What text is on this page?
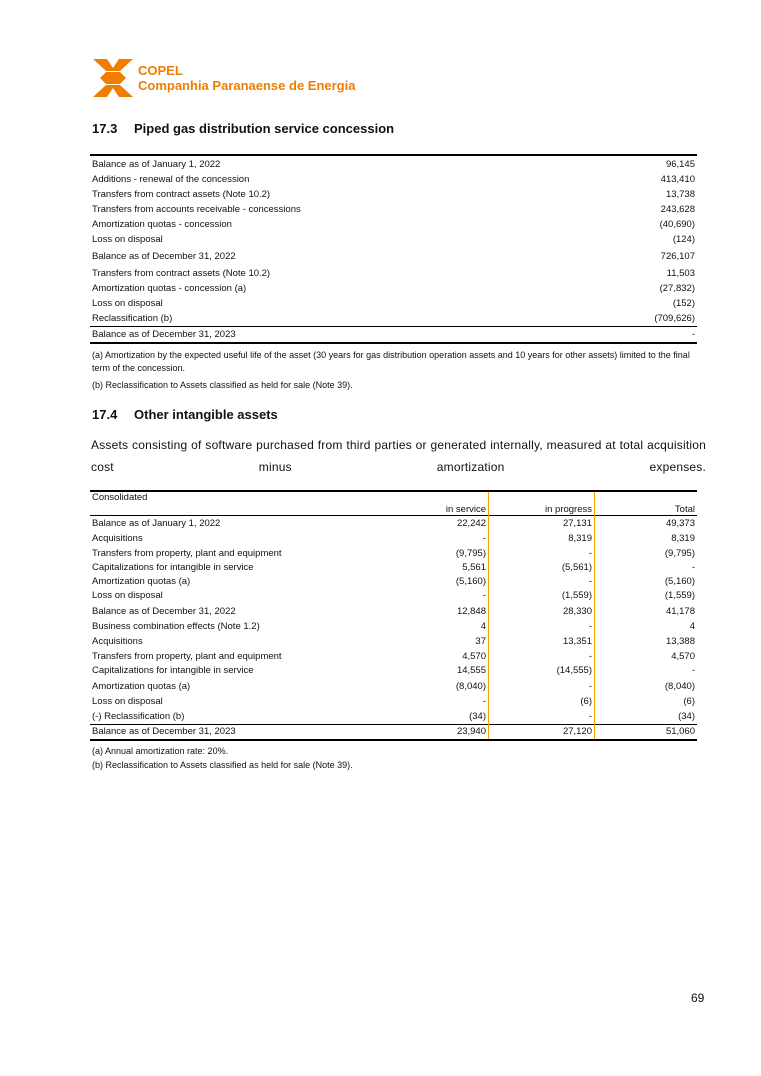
COPEL
Companhia Paranaense de Energia
17.3 Piped gas distribution service concession
Balance as of January 1, 2022	96,145
Additions - renewal of the concession	413,410
Transfers from contract assets (Note 10.2)	13,738
Transfers from accounts receivable - concessions	243,628
Amortization quotas - concession	(40,690)
Loss on disposal	(124)
Balance as of December 31, 2022	726,107
Transfers from contract assets (Note 10.2)	11,503
Amortization quotas - concession (a)	(27,832)
Loss on disposal	(152)
Reclassification (b)	(709,626)
Balance as of December 31, 2023	-
(a) Amortization by the expected useful life of the asset (30 years for gas distribution operation assets and 10 years for other assets) limited to the final term of the concession.
(b) Reclassification to Assets classified as held for sale (Note 39).
17.4 Other intangible assets
Assets consisting of software purchased from third parties or generated internally, measured at total acquisition cost minus amortization expenses.
Consolidated	in service	in progress	Total
Balance as of January 1, 2022	22,242	27,131	49,373
Acquisitions	-	8,319	8,319
Transfers from property, plant and equipment	(9,795)	-	(9,795)
Capitalizations for intangible in service	5,561	(5,561)	-
Amortization quotas (a)	(5,160)	-	(5,160)
Loss on disposal	-	(1,559)	(1,559)
Balance as of December 31, 2022	12,848	28,330	41,178
Business combination effects (Note 1.2)	4	-	4
Acquisitions	37	13,351	13,388
Transfers from property, plant and equipment	4,570	-	4,570
Capitalizations for intangible in service	14,555	(14,555)	-
Amortization quotas (a)	(8,040)	-	(8,040)
Loss on disposal	-	(6)	(6)
(-) Reclassification (b)	(34)	-	(34)
Balance as of December 31, 2023	23,940	27,120	51,060
(a) Annual amortization rate: 20%.
(b) Reclassification to Assets classified as held for sale (Note 39).
69
